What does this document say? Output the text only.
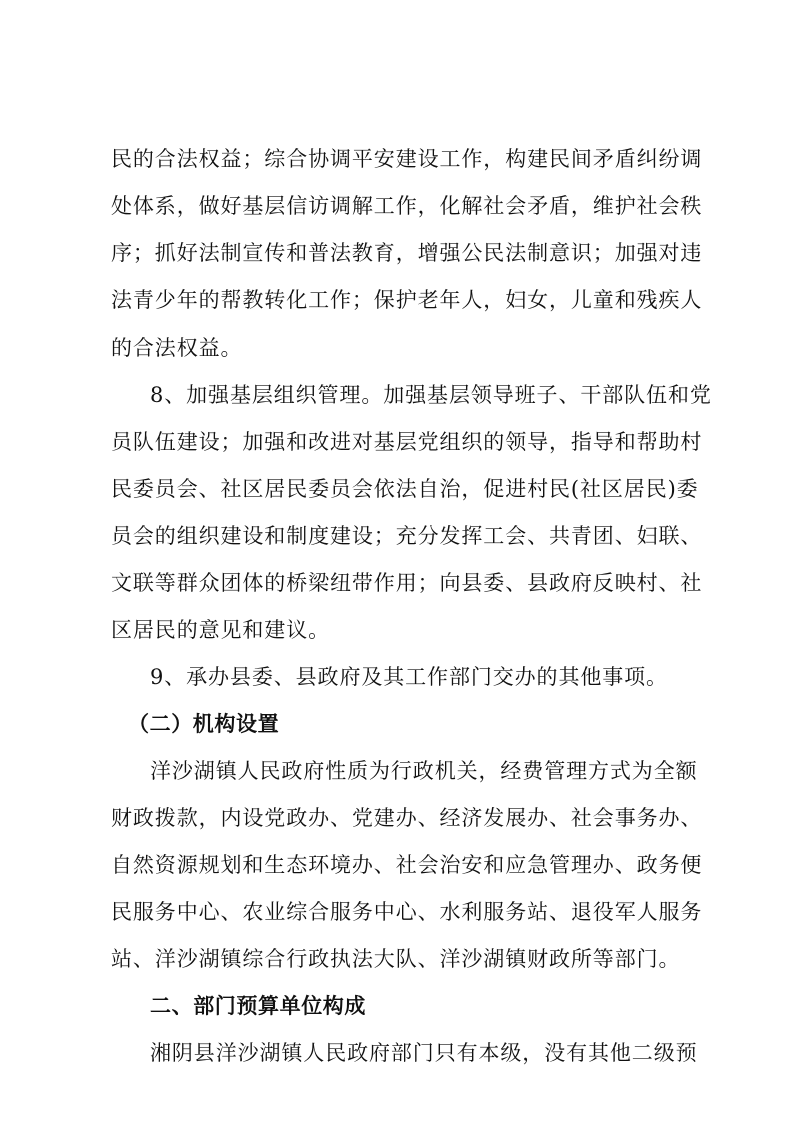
民的合法权益；综合协调平安建设工作，构建民间矛盾纠纷调
处体系，做好基层信访调解工作，化解社会矛盾，维护社会秩
序；抓好法制宣传和普法教育，增强公民法制意识；加强对违
法青少年的帮教转化工作；保护老年人，妇女，儿童和残疾人
的合法权益。
8、加强基层组织管理。加强基层领导班子、干部队伍和党
员队伍建设；加强和改进对基层党组织的领导，指导和帮助村
民委员会、社区居民委员会依法自治，促进村民(社区居民)委
员会的组织建设和制度建设；充分发挥工会、共青团、妇联、
文联等群众团体的桥梁纽带作用；向县委、县政府反映村、社
区居民的意见和建议。
9、承办县委、县政府及其工作部门交办的其他事项。
（二）机构设置
洋沙湖镇人民政府性质为行政机关，经费管理方式为全额
财政拨款，内设党政办、党建办、经济发展办、社会事务办、
自然资源规划和生态环境办、社会治安和应急管理办、政务便
民服务中心、农业综合服务中心、水利服务站、退役军人服务
站、洋沙湖镇综合行政执法大队、洋沙湖镇财政所等部门。
二、部门预算单位构成
湘阴县洋沙湖镇人民政府部门只有本级，没有其他二级预
